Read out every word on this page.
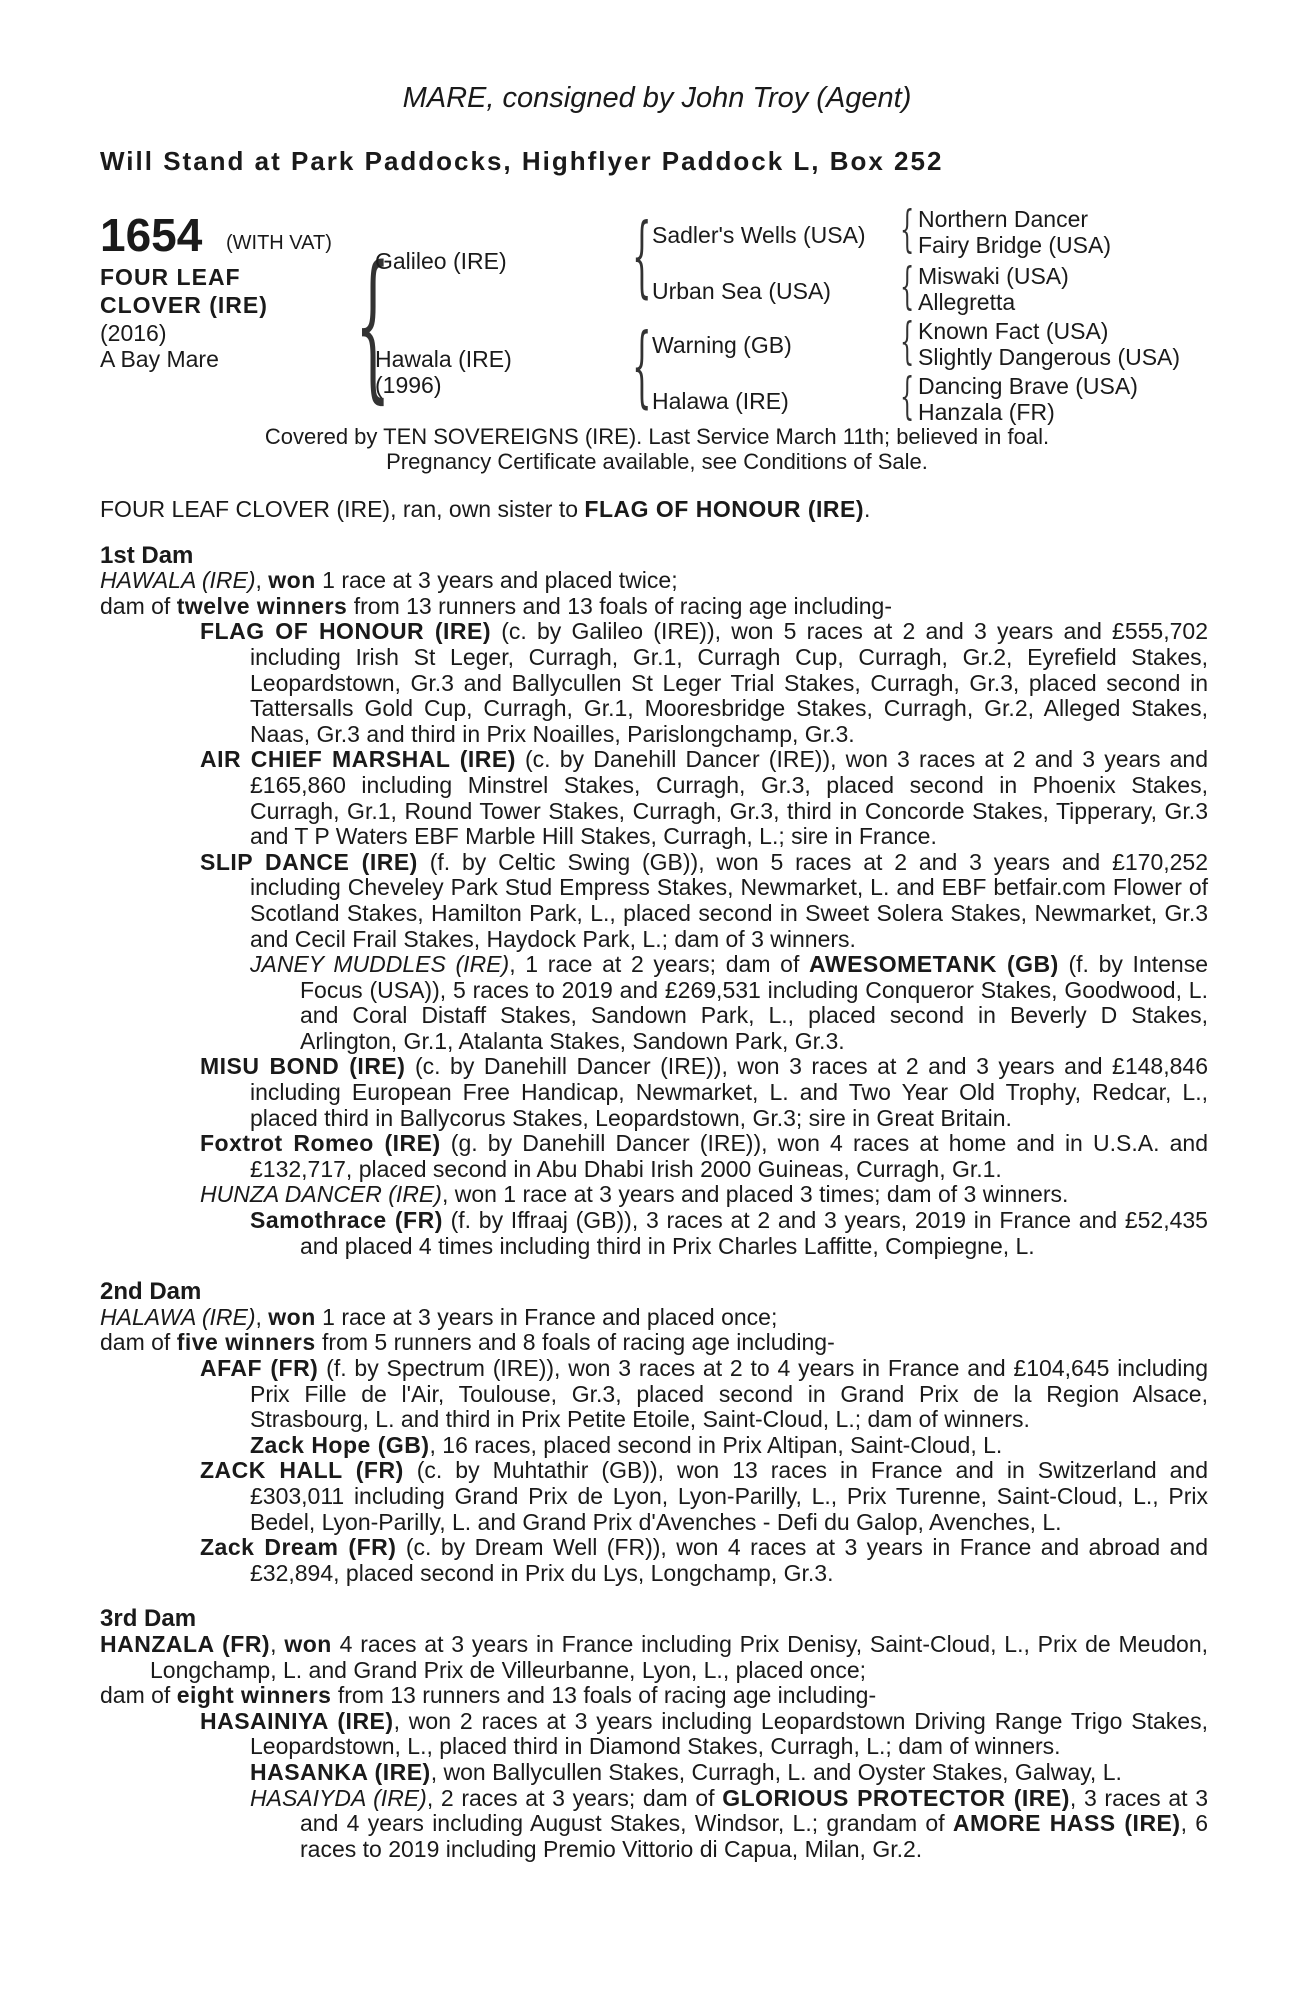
MARE, consigned by John Troy (Agent)
Will Stand at Park Paddocks, Highflyer Paddock L, Box 252
1654 (WITH VAT)
FOUR LEAF
CLOVER (IRE)
(2016)
A Bay Mare {
Galileo (IRE)
Hawala (IRE)
(1996)
{ Sadler's Wells (USA)
Urban Sea (USA)
{ Warning (GB)
Halawa (IRE)
{ Northern Dancer
Fairy Bridge (USA)
{ Miswaki (USA)
Allegretta
{ Known Fact (USA)
Slightly Dangerous (USA)
{ Dancing Brave (USA)
Hanzala (FR)
Covered by TEN SOVEREIGNS (IRE). Last Service March 11th; believed in foal.
Pregnancy Certificate available, see Conditions of Sale.
FOUR LEAF CLOVER (IRE), ran, own sister to FLAG OF HONOUR (IRE).
1st Dam
HAWALA (IRE), won 1 race at 3 years and placed twice;
dam of twelve winners from 13 runners and 13 foals of racing age including-
FLAG OF HONOUR (IRE) (c. by Galileo (IRE)), won 5 races at 2 and 3 years and £555,702 including Irish St Leger, Curragh, Gr.1, Curragh Cup, Curragh, Gr.2, Eyrefield Stakes, Leopardstown, Gr.3 and Ballycullen St Leger Trial Stakes, Curragh, Gr.3, placed second in Tattersalls Gold Cup, Curragh, Gr.1, Mooresbridge Stakes, Curragh, Gr.2, Alleged Stakes, Naas, Gr.3 and third in Prix Noailles, Parislongchamp, Gr.3.
AIR CHIEF MARSHAL (IRE) (c. by Danehill Dancer (IRE)), won 3 races at 2 and 3 years and £165,860 including Minstrel Stakes, Curragh, Gr.3, placed second in Phoenix Stakes, Curragh, Gr.1, Round Tower Stakes, Curragh, Gr.3, third in Concorde Stakes, Tipperary, Gr.3 and T P Waters EBF Marble Hill Stakes, Curragh, L.; sire in France.
SLIP DANCE (IRE) (f. by Celtic Swing (GB)), won 5 races at 2 and 3 years and £170,252 including Cheveley Park Stud Empress Stakes, Newmarket, L. and EBF betfair.com Flower of Scotland Stakes, Hamilton Park, L., placed second in Sweet Solera Stakes, Newmarket, Gr.3 and Cecil Frail Stakes, Haydock Park, L.; dam of 3 winners.
JANEY MUDDLES (IRE), 1 race at 2 years; dam of AWESOMETANK (GB) (f. by Intense Focus (USA)), 5 races to 2019 and £269,531 including Conqueror Stakes, Goodwood, L. and Coral Distaff Stakes, Sandown Park, L., placed second in Beverly D Stakes, Arlington, Gr.1, Atalanta Stakes, Sandown Park, Gr.3.
MISU BOND (IRE) (c. by Danehill Dancer (IRE)), won 3 races at 2 and 3 years and £148,846 including European Free Handicap, Newmarket, L. and Two Year Old Trophy, Redcar, L., placed third in Ballycorus Stakes, Leopardstown, Gr.3; sire in Great Britain.
Foxtrot Romeo (IRE) (g. by Danehill Dancer (IRE)), won 4 races at home and in U.S.A. and £132,717, placed second in Abu Dhabi Irish 2000 Guineas, Curragh, Gr.1.
HUNZA DANCER (IRE), won 1 race at 3 years and placed 3 times; dam of 3 winners.
Samothrace (FR) (f. by Iffraaj (GB)), 3 races at 2 and 3 years, 2019 in France and £52,435 and placed 4 times including third in Prix Charles Laffitte, Compiegne, L.
2nd Dam
HALAWA (IRE), won 1 race at 3 years in France and placed once;
dam of five winners from 5 runners and 8 foals of racing age including-
AFAF (FR) (f. by Spectrum (IRE)), won 3 races at 2 to 4 years in France and £104,645 including Prix Fille de l'Air, Toulouse, Gr.3, placed second in Grand Prix de la Region Alsace, Strasbourg, L. and third in Prix Petite Etoile, Saint-Cloud, L.; dam of winners.
Zack Hope (GB), 16 races, placed second in Prix Altipan, Saint-Cloud, L.
ZACK HALL (FR) (c. by Muhtathir (GB)), won 13 races in France and in Switzerland and £303,011 including Grand Prix de Lyon, Lyon-Parilly, L., Prix Turenne, Saint-Cloud, L., Prix Bedel, Lyon-Parilly, L. and Grand Prix d'Avenches - Defi du Galop, Avenches, L.
Zack Dream (FR) (c. by Dream Well (FR)), won 4 races at 3 years in France and abroad and £32,894, placed second in Prix du Lys, Longchamp, Gr.3.
3rd Dam
HANZALA (FR), won 4 races at 3 years in France including Prix Denisy, Saint-Cloud, L., Prix de Meudon, Longchamp, L. and Grand Prix de Villeurbanne, Lyon, L., placed once;
dam of eight winners from 13 runners and 13 foals of racing age including-
HASAINIYA (IRE), won 2 races at 3 years including Leopardstown Driving Range Trigo Stakes, Leopardstown, L., placed third in Diamond Stakes, Curragh, L.; dam of winners.
HASANKA (IRE), won Ballycullen Stakes, Curragh, L. and Oyster Stakes, Galway, L.
HASAIYDA (IRE), 2 races at 3 years; dam of GLORIOUS PROTECTOR (IRE), 3 races at 3 and 4 years including August Stakes, Windsor, L.; grandam of AMORE HASS (IRE), 6 races to 2019 including Premio Vittorio di Capua, Milan, Gr.2.
